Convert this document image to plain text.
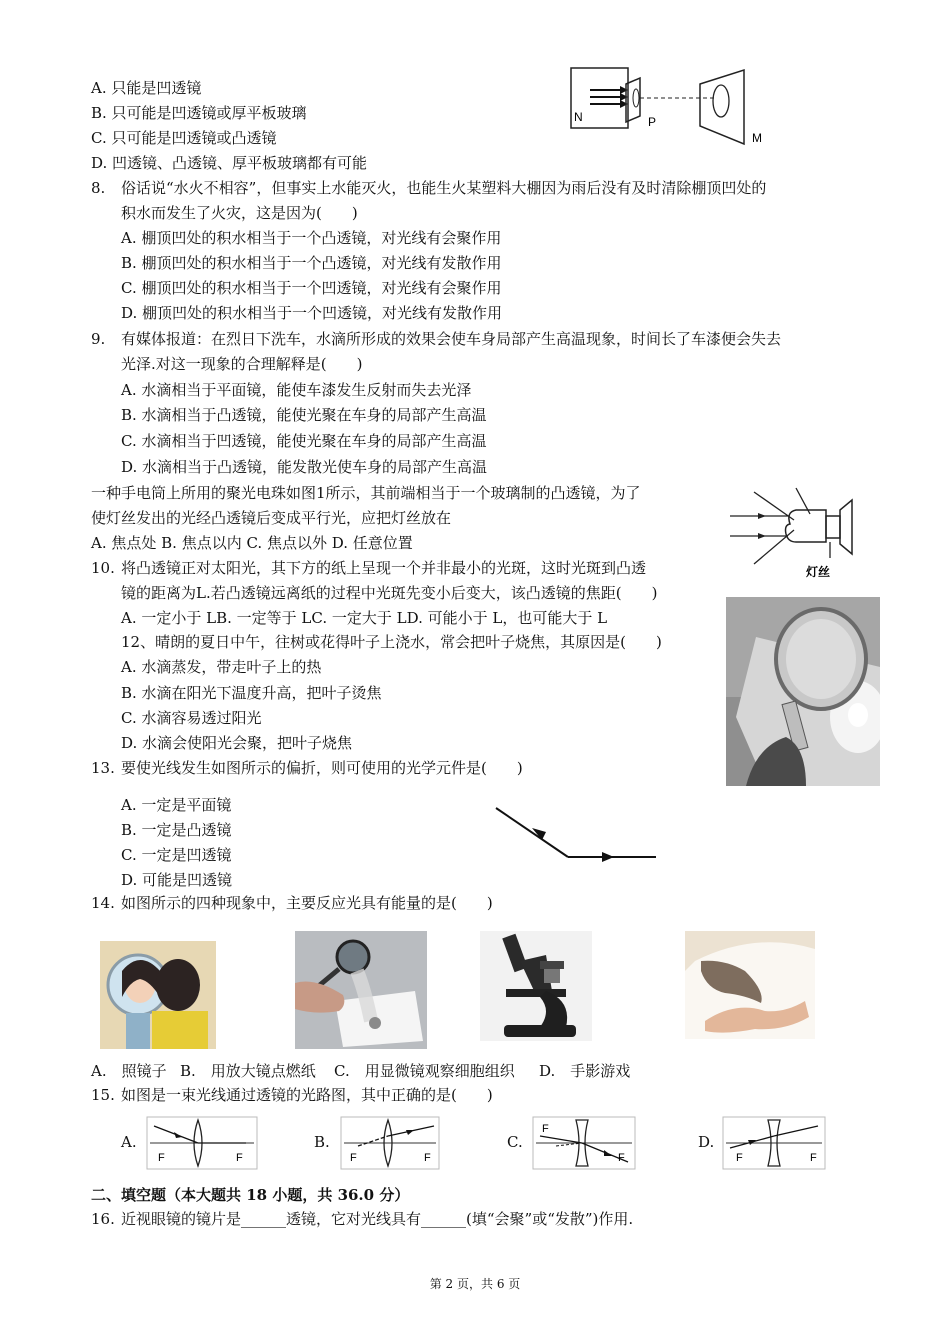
A. 只能是凹透镜
B. 只可能是凹透镜或厚平板玻璃
C. 只可能是凹透镜或凸透镜
D. 凹透镜、凸透镜、厚平板玻璃都有可能
N	P
M
8. 俗话说“水火不相容”，但事实上水能灭火，也能生火某塑料大棚因为雨后没有及时清除棚顶凹处的
积水而发生了火灾，这是因为(　　)
A. 棚顶凹处的积水相当于一个凸透镜，对光线有会聚作用
B. 棚顶凹处的积水相当于一个凸透镜，对光线有发散作用
C. 棚顶凹处的积水相当于一个凹透镜，对光线有会聚作用
D. 棚顶凹处的积水相当于一个凹透镜，对光线有发散作用
9. 有媒体报道：在烈日下洗车，水滴所形成的效果会使车身局部产生高温现象，时间长了车漆便会失去
光泽.对这一现象的合理解释是(　　)
A. 水滴相当于平面镜，能使车漆发生反射而失去光泽
B. 水滴相当于凸透镜，能使光聚在车身的局部产生高温
C. 水滴相当于凹透镜，能使光聚在车身的局部产生高温
D. 水滴相当于凸透镜，能发散光使车身的局部产生高温
一种手电筒上所用的聚光电珠如图1所示，其前端相当于一个玻璃制的凸透镜，为了
使灯丝发出的光经凸透镜后变成平行光，应把灯丝放在
A. 焦点处 B. 焦点以内 C. 焦点以外 D. 任意位置
灯丝
10. 将凸透镜正对太阳光，其下方的纸上呈现一个并非最小的光斑，这时光斑到凸透
镜的距离为L.若凸透镜远离纸的过程中光斑先变小后变大，该凸透镜的焦距(　　)
A. 一定小于 LB. 一定等于 LC. 一定大于 LD. 可能小于 L，也可能大于 L
12、晴朗的夏日中午，往树或花得叶子上浇水，常会把叶子烧焦，其原因是(　　)
A. 水滴蒸发，带走叶子上的热
B. 水滴在阳光下温度升高，把叶子烫焦
C. 水滴容易透过阳光
D. 水滴会使阳光会聚，把叶子烧焦
13. 要使光线发生如图所示的偏折，则可使用的光学元件是(　　)
A. 一定是平面镜
B. 一定是凸透镜
C. 一定是凹透镜
D. 可能是凹透镜
14. 如图所示的四种现象中，主要反应光具有能量的是(　　)
A.　照镜子 B.　用放大镜点燃纸 C.　用显微镜观察细胞组织 D.　手影游戏
15. 如图是一束光线通过透镜的光路图，其中正确的是(　　)
A.	B.	C.	D.
F	F	F	F
F
F	F	F
二、填空题（本大题共 18 小题，共 36.0 分）
16. 近视眼镜的镜片是______透镜，它对光线具有______(填“会聚”或“发散”)作用.
第 2 页，共 6 页
